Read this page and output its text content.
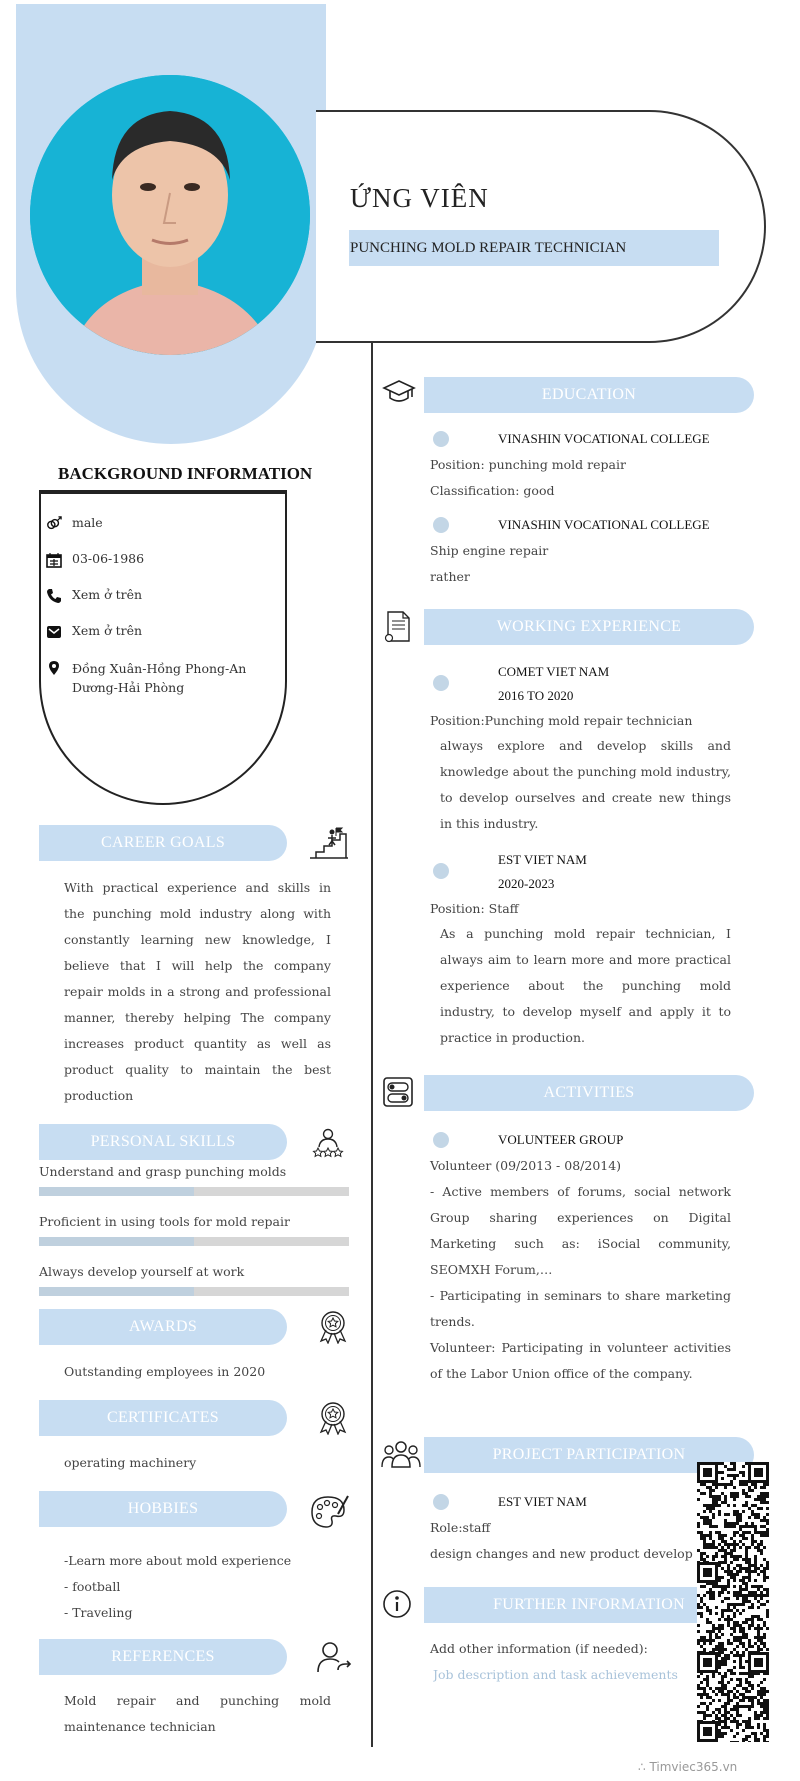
ỨNG VIÊN
PUNCHING MOLD REPAIR TECHNICIAN
BACKGROUND INFORMATION
male
03-06-1986
Xem ở trên
Xem ở trên
Đồng Xuân-Hồng Phong-An Dương-Hải Phòng
CAREER GOALS
With practical experience and skills in the punching mold industry along with constantly learning new knowledge, I believe that I will help the company repair molds in a strong and professional manner, thereby helping The company increases product quantity as well as product quality to maintain the best production
PERSONAL SKILLS
Understand and grasp punching molds
Proficient in using tools for mold repair
Always develop yourself at work
AWARDS
Outstanding employees in 2020
CERTIFICATES
operating machinery
HOBBIES
-Learn more about mold experience
- football
- Traveling
REFERENCES
Mold repair and punching mold maintenance technician
EDUCATION
VINASHIN VOCATIONAL COLLEGE
Position: punching mold repair
Classification: good
VINASHIN VOCATIONAL COLLEGE
Ship engine repair
rather
WORKING EXPERIENCE
COMET VIET NAM
2016 TO 2020
Position:Punching mold repair technician
always explore and develop skills and knowledge about the punching mold industry, to develop ourselves and create new things in this industry.
EST VIET NAM
2020-2023
Position: Staff
As a punching mold repair technician, I always aim to learn more and more practical experience about the punching mold industry, to develop myself and apply it to practice in production.
ACTIVITIES
VOLUNTEER GROUP
Volunteer (09/2013 - 08/2014)
- Active members of forums, social network Group sharing experiences on Digital Marketing such as: iSocial community, SEOMXH Forum,…
- Participating in seminars to share marketing trends.
Volunteer: Participating in volunteer activities of the Labor Union office of the company.
PROJECT PARTICIPATION
EST VIET NAM
Role:staff
design changes and new product develop
FURTHER INFORMATION
Add other information (if needed):
Job description and task achievements
∴ Timviec365.vn
